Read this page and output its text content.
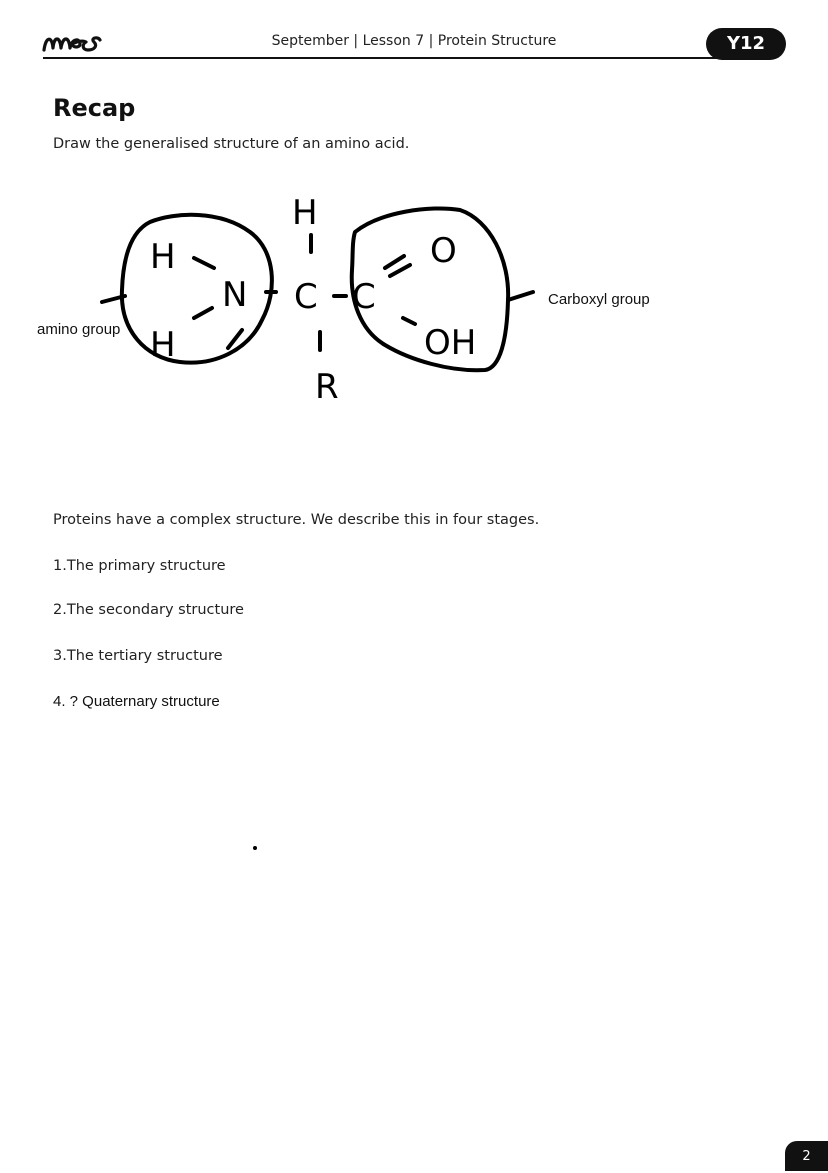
September | Lesson 7 | Protein Structure	Y12
Recap
Draw the generalised structure of an amino acid.
H
H
H
N C C
O
OH
R
amino group
Carboxyl group
Proteins have a complex structure. We describe this in four stages.
1.The primary structure
2.The secondary structure
3.The tertiary structure
4. ? Quaternary structure
2
